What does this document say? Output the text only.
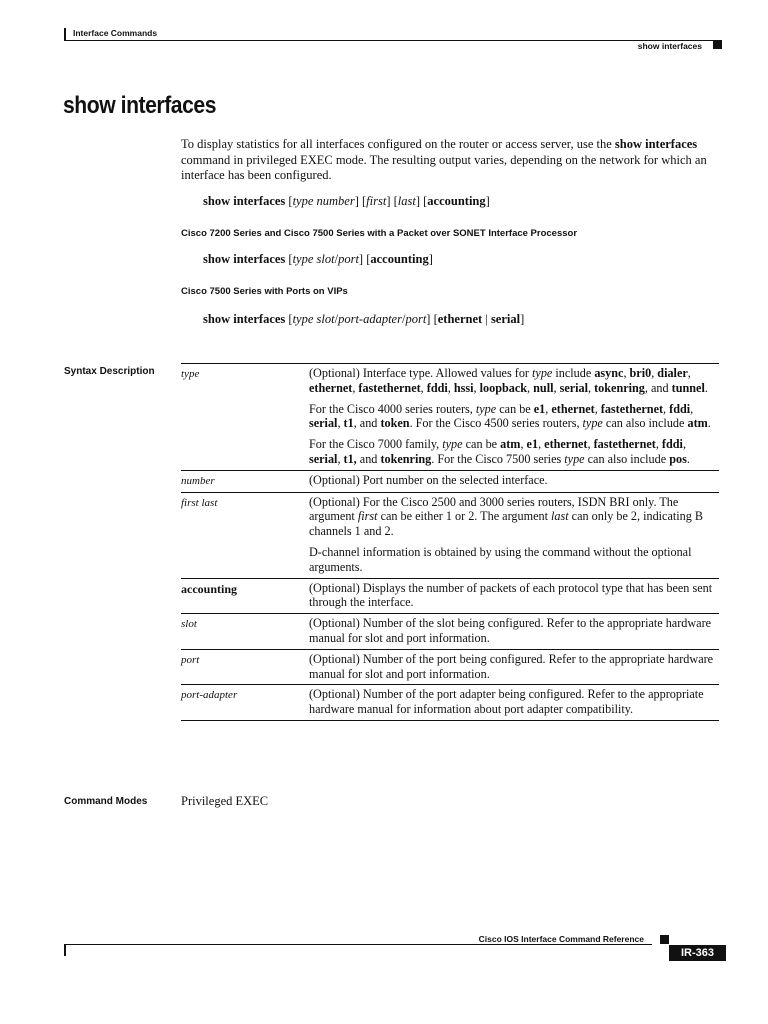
Interface Commands
show interfaces
show interfaces
To display statistics for all interfaces configured on the router or access server, use the show interfaces command in privileged EXEC mode. The resulting output varies, depending on the network for which an interface has been configured.
show interfaces [type number] [first] [last] [accounting]
Cisco 7200 Series and Cisco 7500 Series with a Packet over SONET Interface Processor
show interfaces [type slot/port] [accounting]
Cisco 7500 Series with Ports on VIPs
show interfaces [type slot/port-adapter/port] [ethernet | serial]
Syntax Description type	(Optional) Interface type. Allowed values for type include async, bri0, dialer, ethernet, fastethernet, fddi, hssi, loopback, null, serial, tokenring, and tunnel.

For the Cisco 4000 series routers, type can be e1, ethernet, fastethernet, fddi, serial, t1, and token. For the Cisco 4500 series routers, type can also include atm.

For the Cisco 7000 family, type can be atm, e1, ethernet, fastethernet, fddi, serial, t1, and tokenring. For the Cisco 7500 series type can also include pos.

number	(Optional) Port number on the selected interface.
first last	(Optional) For the Cisco 2500 and 3000 series routers, ISDN BRI only. The argument first can be either 1 or 2. The argument last can only be 2, indicating B channels 1 and 2.

D-channel information is obtained by using the command without the optional arguments.

accounting	(Optional) Displays the number of packets of each protocol type that has been sent through the interface.
slot	(Optional) Number of the slot being configured. Refer to the appropriate hardware manual for slot and port information.
port	(Optional) Number of the port being configured. Refer to the appropriate hardware manual for slot and port information.
port-adapter	(Optional) Number of the port adapter being configured. Refer to the appropriate hardware manual for information about port adapter compatibility.
Command Modes	Privileged EXEC
Cisco IOS Interface Command Reference
IR-363
